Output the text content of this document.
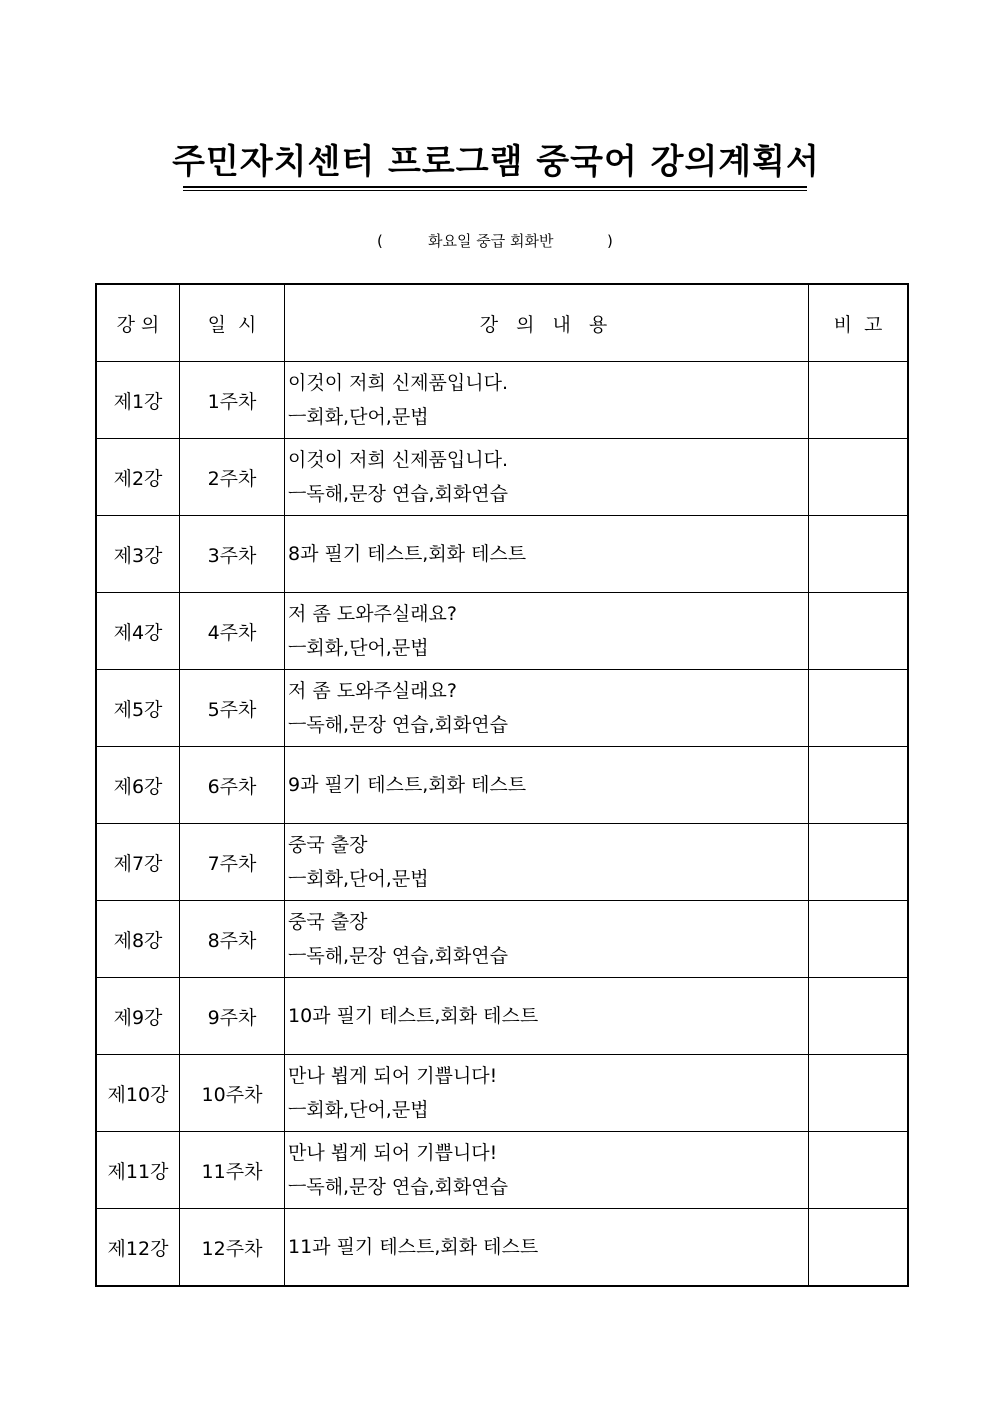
주민자치센터 프로그램 중국어 강의계획서
(	화요일 중급 회화반	)
강 의	일  시	강 의 내 용	비  고
제1강	1주차	이것이 저희 신제품입니다.
ㅡ회화,단어,문법	

제2강	2주차	이것이 저희 신제품입니다.
ㅡ독해,문장 연습,회화연습	

제3강	3주차	8과 필기 테스트,회화 테스트	

제4강	4주차	저 좀 도와주실래요?
ㅡ회화,단어,문법	

제5강	5주차	저 좀 도와주실래요?
ㅡ독해,문장 연습,회화연습	

제6강	6주차	9과 필기 테스트,회화 테스트	

제7강	7주차	중국 출장
ㅡ회화,단어,문법	

제8강	8주차	중국 출장
ㅡ독해,문장 연습,회화연습	

제9강	9주차	10과 필기 테스트,회화 테스트	

제10강	10주차	만나 뵙게 되어 기쁩니다!
ㅡ회화,단어,문법	

제11강	11주차	만나 뵙게 되어 기쁩니다!
ㅡ독해,문장 연습,회화연습	

제12강	12주차	11과 필기 테스트,회화 테스트	
